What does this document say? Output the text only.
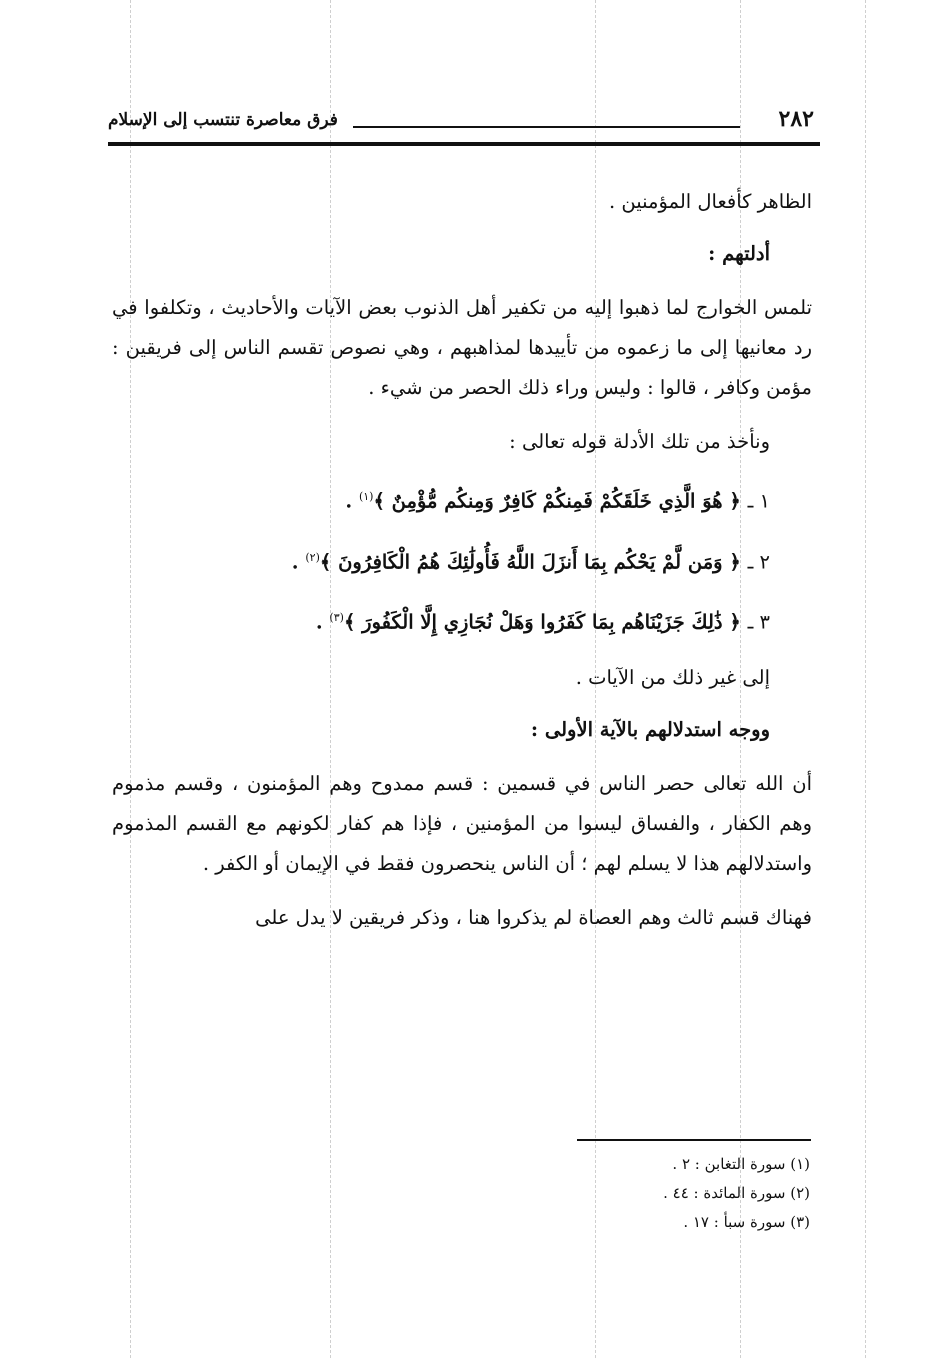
٢٨٢
فرق معاصرة تنتسب إلى الإسلام

الظاهر كأفعال المؤمنين .

أدلتهم :

تلمس الخوارج لما ذهبوا إليه من تكفير أهل الذنوب بعض الآيات والأحاديث ، وتكلفوا في رد معانيها إلى ما زعموه من تأييدها لمذاهبهم ، وهي نصوص تقسم الناس إلى فريقين : مؤمن وكافر ، قالوا : وليس وراء ذلك الحصر من شيء .

ونأخذ من تلك الأدلة قوله تعالى :

١ ـ ﴿ هُوَ الَّذِي خَلَقَكُمْ فَمِنكُمْ كَافِرٌ وَمِنكُم مُّؤْمِنٌ ﴾$^{(١)}$ .

٢ ـ ﴿ وَمَن لَّمْ يَحْكُم بِمَا أَنزَلَ اللَّهُ فَأُولَٰئِكَ هُمُ الْكَافِرُونَ ﴾$^{(٢)}$ .

٣ ـ ﴿ ذَٰلِكَ جَزَيْنَاهُم بِمَا كَفَرُوا وَهَلْ نُجَازِي إِلَّا الْكَفُورَ ﴾$^{(٣)}$ .

إلى غير ذلك من الآيات .

ووجه استدلالهم بالآية الأولى :

أن الله تعالى حصر الناس في قسمين : قسم ممدوح وهم المؤمنون ، وقسم مذموم وهم الكفار ، والفساق ليسوا من المؤمنين ، فإذا هم كفار لكونهم مع القسم المذموم واستدلالهم هذا لا يسلم لهم ؛ أن الناس ينحصرون فقط في الإيمان أو الكفر .

فهناك قسم ثالث وهم العصاة لم يذكروا هنا ، وذكر فريقين لا يدل على

(١) سورة التغابن : ٢ .

(٢) سورة المائدة : ٤٤ .

(٣) سورة سبأ : ١٧ .
